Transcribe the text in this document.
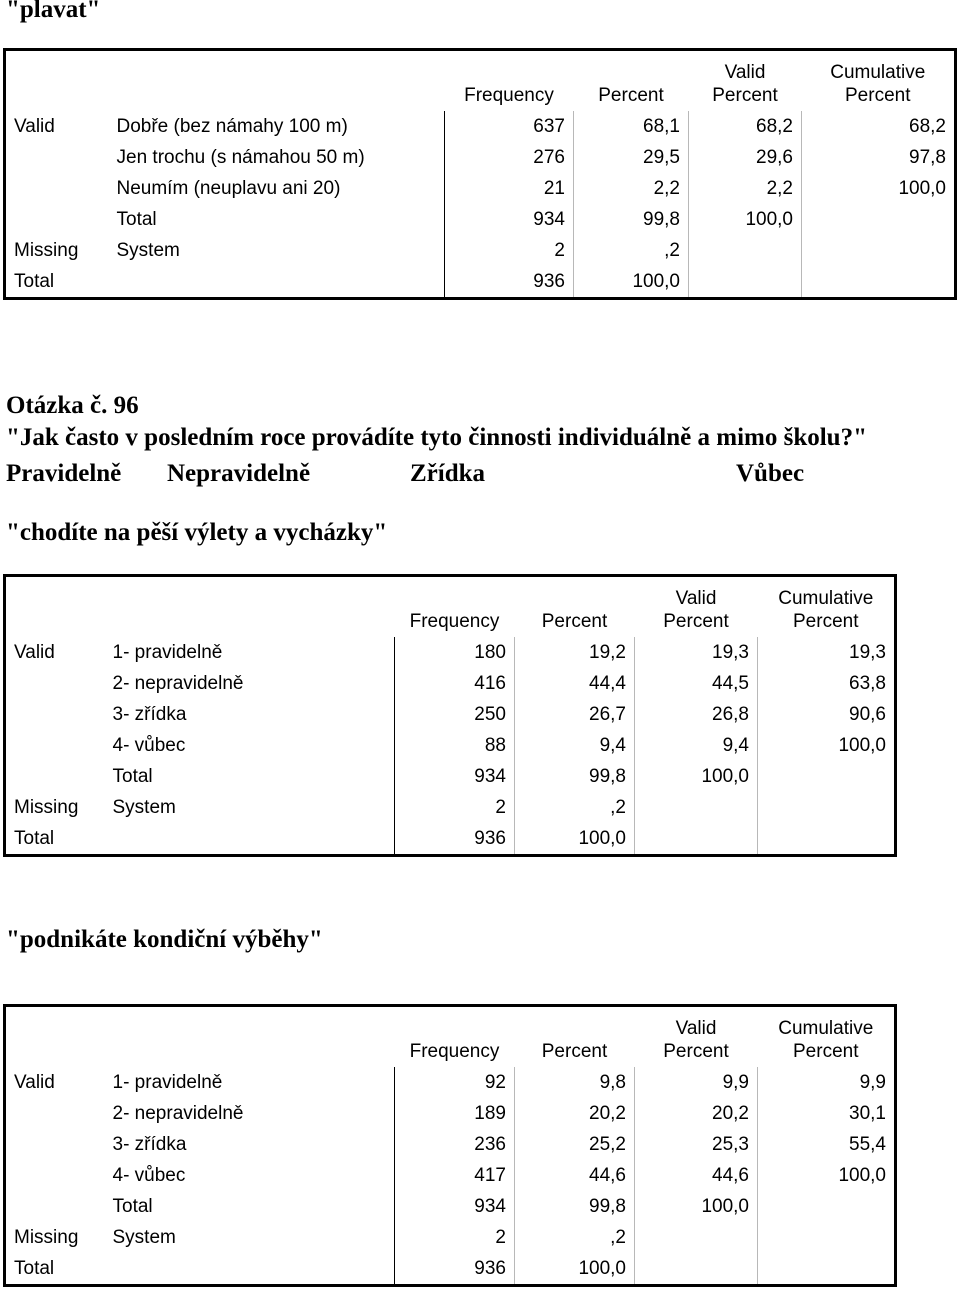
"plavat"
		Frequency	Percent	Valid
Percent	Cumulative
Percent
Valid	Dobře (bez námahy 100 m)	637	68,1	68,2	68,2
	Jen trochu (s námahou 50 m)	276	29,5	29,6	97,8
	Neumím (neuplavu ani 20)	21	2,2	2,2	100,0
	Total	934	99,8	100,0	
Missing	System	2	,2		
Total		936	100,0		
Otázka č. 96
"Jak často v posledním roce provádíte tyto činnosti individuálně a mimo školu?"
Pravidelně Nepravidelně	Zřídka	Vůbec
"chodíte na pěší výlety a vycházky"
		Frequency	Percent	Valid
Percent	Cumulative
Percent
Valid	1- pravidelně	180	19,2	19,3	19,3
	2- nepravidelně	416	44,4	44,5	63,8
	3- zřídka	250	26,7	26,8	90,6
	4- vůbec	88	9,4	9,4	100,0
	Total	934	99,8	100,0	
Missing	System	2	,2		
Total		936	100,0		
"podnikáte kondiční výběhy"
		Frequency	Percent	Valid
Percent	Cumulative
Percent
Valid	1- pravidelně	92	9,8	9,9	9,9
	2- nepravidelně	189	20,2	20,2	30,1
	3- zřídka	236	25,2	25,3	55,4
	4- vůbec	417	44,6	44,6	100,0
	Total	934	99,8	100,0	
Missing	System	2	,2		
Total		936	100,0		
